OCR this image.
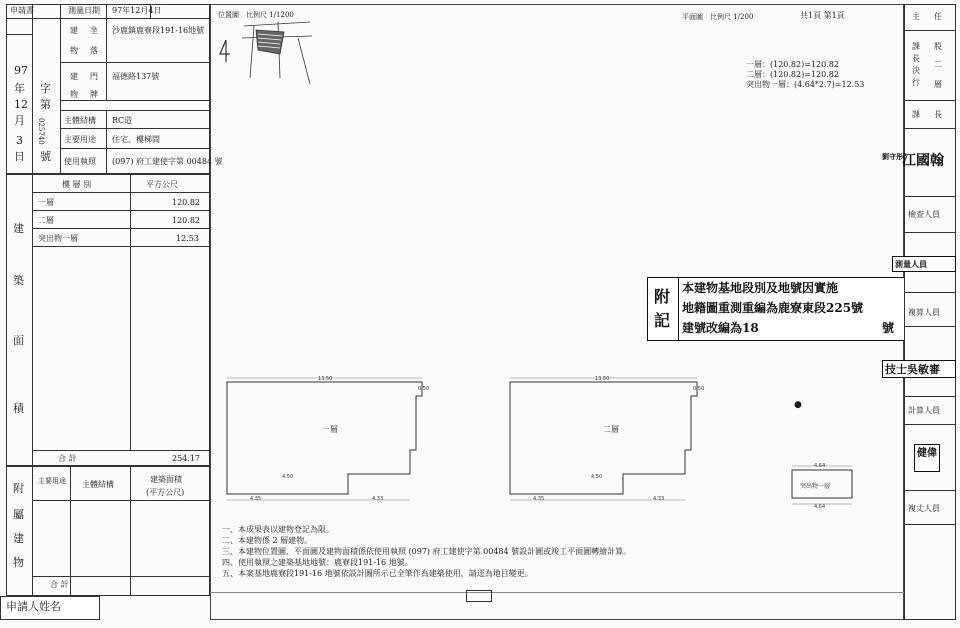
申請書	測量日期 97年12月4日
建 坐
物 落
沙鹿鎮鹿寮段191-16地號
建 門
物 牌
福德路137號
主體結構 RC造
主要用途 住宅、樓梯間
使用執照 (097) 府工建使字第 00484 號
97
年 字
12 第
月 025740
3
日 號
樓 層 別	平方公尺
一層	120.82
二層	120.82
突出物一層	12.53
合 計	254.17
建
築
面
積
主要用途 主體結構
建築面積
(平方公尺)
合 計
附
屬
建
物
申請人姓名
位置圖 比例尺 1/1200	平面圖 比例尺 1/200	共1頁 第1頁
一層：(120.82)=120.82
二層：(120.82)=120.82
突出物一層：(4.64*2.7)=12.53
附
記
本建物基地段別及地號因實施
地籍圖重測重編為鹿寮東段225號
建號改編為18	號
13.50
0.50
4.50
4.35	4.33
一層
13.50
0.50
4.50
4.35	4.33
二層
4.64
4.64
突出物一層
●
一、本成果表以建物登記為限。
二、本建物係 2 層建物。
三、本建物位置圖、平面圖及建物面積係依使用執照 (097) 府工建使字第 00484 號設計圖或竣工平面圖轉繪計算。
四、使用執照之建築基地地號：鹿寮段191-16 地號。
五、本案基地鹿寮段191-16 地號依設計圖所示已全筆作為建築使用，請逕為地目變更。
主 任
課 股
長
二
決
行 層
課 長
江國翰
劉守彤
檢查人員
測量人員
複算人員
技士吳敏審
計算人員
健偉
複丈人員
